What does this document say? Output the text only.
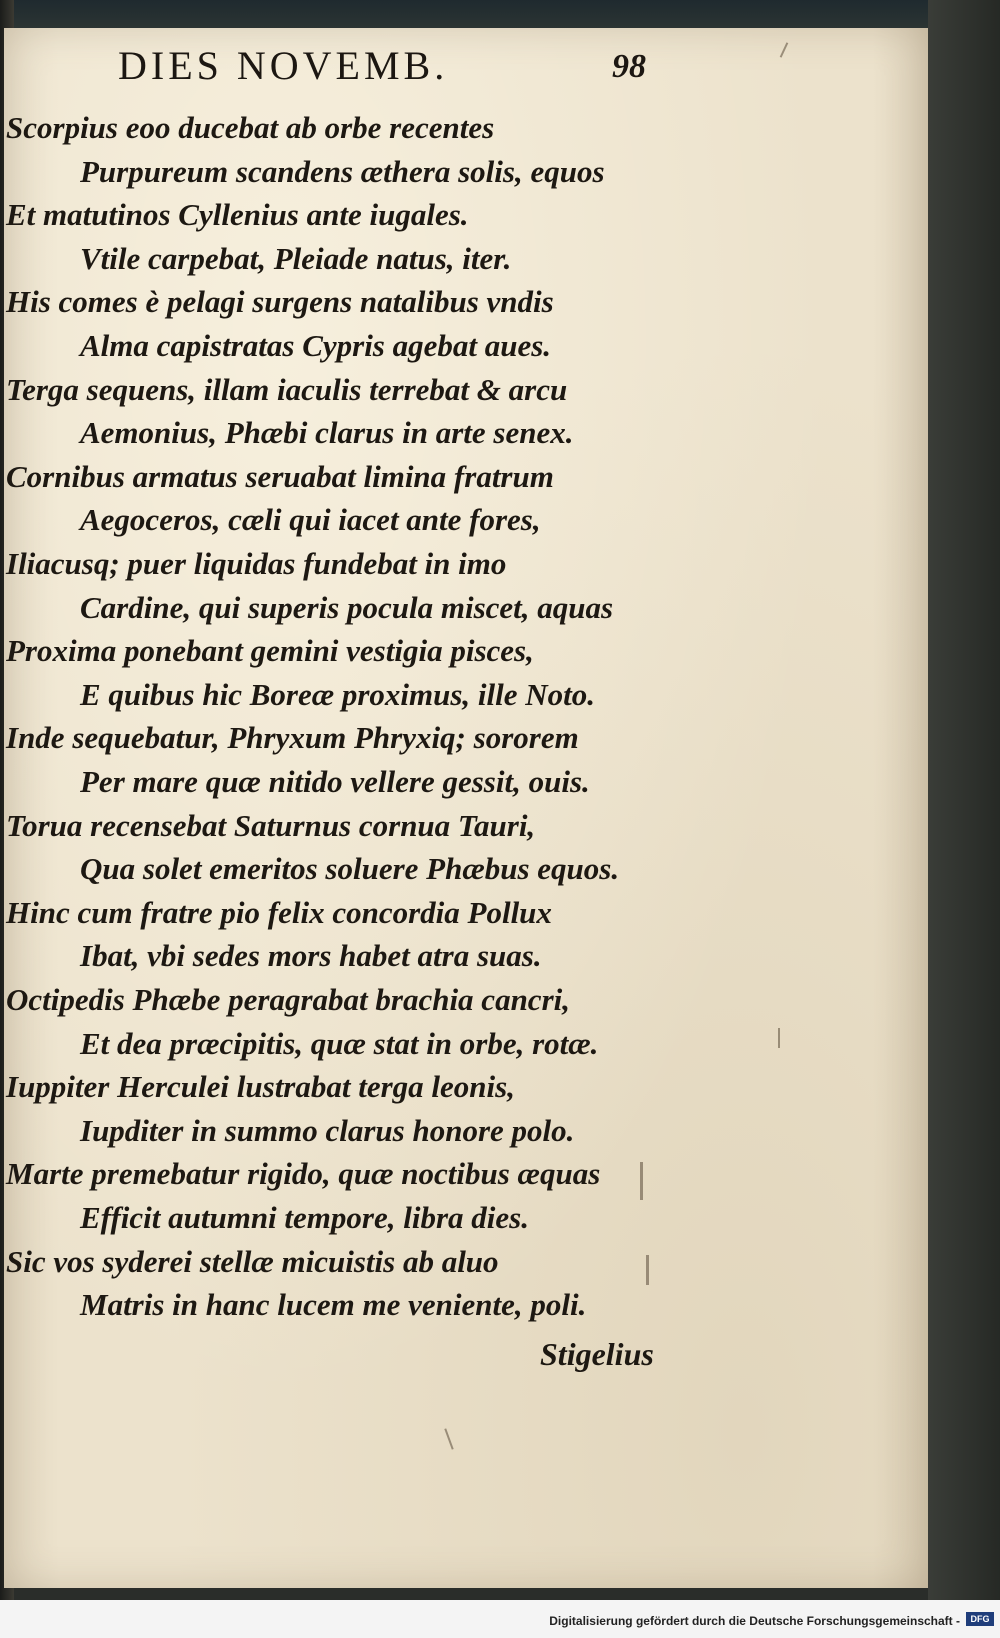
DIES NOVEMB.	98
Scorpius eoo ducebat ab orbe recentes
Purpureum scandens æthera solis, equos
Et matutinos Cyllenius ante iugales.
Vtile carpebat, Pleiade natus, iter.
His comes è pelagi surgens natalibus vndis
Alma capistratas Cypris agebat aues.
Terga sequens, illam iaculis terrebat & arcu
Aemonius, Phæbi clarus in arte senex.
Cornibus armatus seruabat limina fratrum
Aegoceros, cæli qui iacet ante fores,
Iliacusq; puer liquidas fundebat in imo
Cardine, qui superis pocula miscet, aquas
Proxima ponebant gemini vestigia pisces,
E quibus hic Boreæ proximus, ille Noto.
Inde sequebatur, Phryxum Phryxiq; sororem
Per mare quæ nitido vellere gessit, ouis.
Torua recensebat Saturnus cornua Tauri,
Qua solet emeritos soluere Phæbus equos.
Hinc cum fratre pio felix concordia Pollux
Ibat, vbi sedes mors habet atra suas.
Octipedis Phæbe peragrabat brachia cancri,
Et dea præcipitis, quæ stat in orbe, rotæ.
Iuppiter Herculei lustrabat terga leonis,
Iupditer in summo clarus honore polo.
Marte premebatur rigido, quæ noctibus æquas
Efficit autumni tempore, libra dies.
Sic vos syderei stellæ micuistis ab aluo
Matris in hanc lucem me veniente, poli.
Stigelius
Digitalisierung gefördert durch die Deutsche Forschungsgemeinschaft -	DFG
